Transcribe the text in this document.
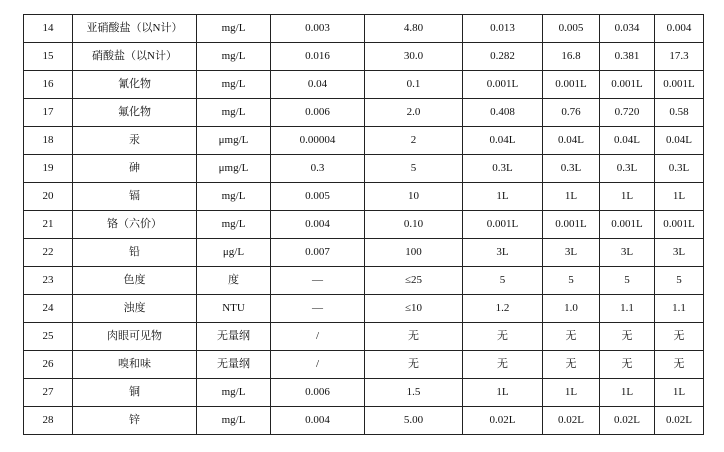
14	亚硝酸盐（以N计）	mg/L	0.003	4.80	0.013	0.005	0.034	0.004
15	硝酸盐（以N计）	mg/L	0.016	30.0	0.282	16.8	0.381	17.3
16	氰化物	mg/L	0.04	0.1	0.001L	0.001L	0.001L	0.001L
17	氟化物	mg/L	0.006	2.0	0.408	0.76	0.720	0.58
18	汞	μmg/L	0.00004	2	0.04L	0.04L	0.04L	0.04L
19	砷	μmg/L	0.3	5	0.3L	0.3L	0.3L	0.3L
20	镉	mg/L	0.005	10	1L	1L	1L	1L
21	铬（六价）	mg/L	0.004	0.10	0.001L	0.001L	0.001L	0.001L
22	铅	μg/L	0.007	100	3L	3L	3L	3L
23	色度	度	—	≤25	5	5	5	5
24	浊度	NTU	—	≤10	1.2	1.0	1.1	1.1
25	肉眼可见物	无量纲	/	无	无	无	无	无
26	嗅和味	无量纲	/	无	无	无	无	无
27	铜	mg/L	0.006	1.5	1L	1L	1L	1L
28	锌	mg/L	0.004	5.00	0.02L	0.02L	0.02L	0.02L
